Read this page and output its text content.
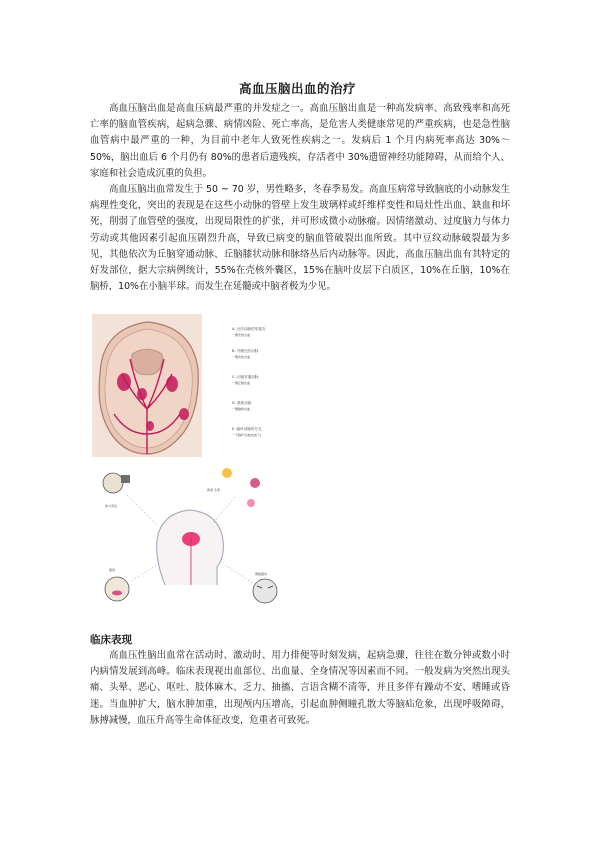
高血压脑出血的治疗

高血压脑出血是高血压病最严重的并发症之一。高血压脑出血是一种高发病率、高致残率和高死亡率的脑血管疾病，起病急骤、病情凶险、死亡率高，是危害人类健康常见的严重疾病，也是急性脑血管病中最严重的一种，为目前中老年人致死性疾病之一。发病后 1 个月内病死率高达 30%～50%，脑出血后 6 个月仍有 80%的患者后遗残疾，存活者中 30%遗留神经功能障碍，从而给个人、家庭和社会造成沉重的负担。

高血压脑出血常发生于 50 ~ 70 岁，男性略多，冬春季易发。高血压病常导致脑底的小动脉发生病理性变化，突出的表现是在这些小动脉的管壁上发生玻璃样或纤维样变性和局灶性出血、缺血和坏死，削弱了血管壁的强度，出现局限性的扩张，并可形成微小动脉瘤。因情绪激动、过度脑力与体力劳动或其他因素引起血压剧烈升高，导致已病变的脑血管破裂出血所致。其中豆纹动脉破裂最为多见，其他依次为丘脑穿通动脉、丘脑膝状动脉和脉络丛后内动脉等。因此，高血压脑出血有其特定的好发部位，据大宗病例统计，55%在壳核外囊区，15%在脑叶皮层下白质区，10%在丘脑，10%在脑桥，10%在小脑半球。而发生在延髓或中脑者极为少见。

A. 豆纹动脉的穿通支
一侧壳核出血
B. 外侧豆纹动脉
一侧壳核出血
C. 丘脑穿通动脉
一侧丘脑出血
D. 基底动脉
一侧脑桥出血
E. 脑叶动脉的分支
一个脑叶出血(皮质下)
体力劳动
春季 冬季
暴食
情绪激动
临床表现

高血压性脑出血常在活动时、激动时、用力排便等时刻发病，起病急骤，往往在数分钟或数小时内病情发展到高峰。临床表现视出血部位、出血量、全身情况等因素而不同。一般发病为突然出现头痛、头晕、恶心、呕吐、肢体麻木、乏力、抽搐、言语含糊不清等，并且多伴有躁动不安、嗜睡或昏迷。当血肿扩大，脑水肿加重，出现颅内压增高，引起血肿侧瞳孔散大等脑疝危象，出现呼吸障碍，脉搏减慢，血压升高等生命体征改变，危重者可致死。
